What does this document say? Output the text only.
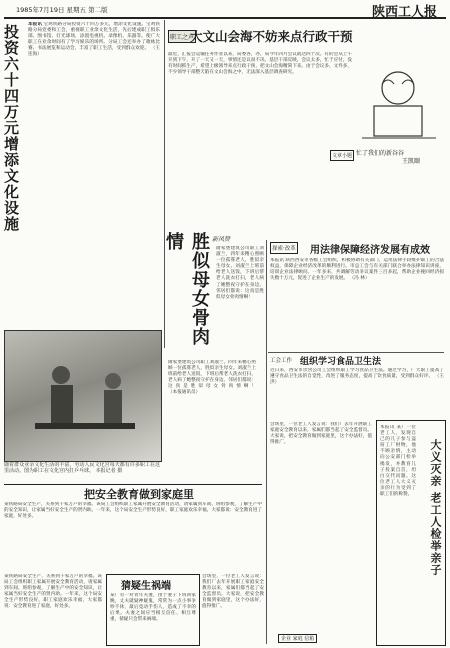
1985年7月19日 星期五 第二版	陕西工人报
投资六十四万元增添文化设施	本报讯 宝鸡铁路分局投资六十四万多元，增添文化设施。宝鸡铁路分局党委和工会，重视职工业余文化生活，先后建成职工俱乐部、图书馆、灯光球场，添置电视机、录像机、乐器等。使广大职工在业余时间有了学习娱乐的场所。分局工会还举办了歌咏比赛、书法展览和运动会，丰富了职工生活，受到群众欢迎。 （王连海）
职工之声
大文山会海不妨来点行政干预
最近，汇报会运输任务作业以来，局委各，办，局今年四月会议就达四十次。有的会从上午开到下午，开了一天又一天，事情还是议而不决。基层干部反映，会议太多，忙于应付，没有时间抓生产，希望上级领导来点行政干预，把文山会海精简下来。由于会议多、文件多，不少领导干部整天陷在文山会海之中，无法深入基层调查研究。
忙了我们的新谷谷
王凯颐
文章小题
新风赞
胜似母女骨肉情
隋家堡建筑公司职工刘淑兰，四年来精心照顾一位孤寡老人，胜似亲生母女。刘淑兰上班前给老人送饭，下班后帮老人洗衣打扫，老人病了她整夜守护在身边。邻居们都说：这真是胜似母女骨肉情啊！ （本报通讯员）
隋家堡建筑公司职工刘淑兰，四年来精心照顾一位孤寡老人，胜似亲生母女。刘淑兰上班前给老人送饭，下班后帮老人洗衣打扫，老人病了她整夜守护在身边。邻居们都说：这真是胜似母女骨肉情啊！
探索·改革 用法律保障经济发展有成效
本报讯 陕西西安市各级工会组织，积极协助有关部门，运用法律手段维护职工的合法权益，保障企业经济改革的顺利进行。市总工会与有关部门联合举办法律知识讲座，培训企业法律顾问。一年多来，共调解劳动争议案件三百多起，帮助企业挽回经济损失数十万元，促进了企业生产的发展。 （冯 林）
工会工作 组织学习食品卫生法
近日来，西安市饮食公司工会组织职工学习食品卫生法。通过学习，广大职工提高了遵守食品卫生法的自觉性，改进了服务态度，提高了饮食质量，受到群众好评。 （王洪）
随着群众业余文化生活的丰富，劳动人民文化宫每天都有许多职工在这里活动。图为职工在文化宫内打乒乓球。 本报记者 摄
把安全教育做到家庭里
某铁路局安全生产，关系到千家万户的幸福。该局工会组织职工家属开展安全教育活动，请家属到车间、班组参观，了解生产中的安全知识，让家属当好安全生产的贤内助。一年来，这个局安全生产形势良好，职工家庭欢乐幸福，大家都说：安全教育进了家庭，好处多。
猜疑生祸端
某厂有一对青年夫妻，由于妻子下班回家晚，丈夫就疑神疑鬼，常常为一点小事争吵不休，最后竟动手伤人，造成了不幸的后果。夫妻之间应当相互信任、相互尊重，猜疑只会带来祸端。
某铁路局安全生产，关系到千家万户的幸福。该局工会组织职工家属开展安全教育活动，请家属到车间、班组参观，了解生产中的安全知识，让家属当好安全生产的贤内助。一年来，这个局安全生产形势良好，职工家庭欢乐幸福，大家都说：安全教育进了家庭，好处多。
会场里，一位老工人发言说：我们厂去年开展职工家庭安全教育以来，家属们都当起了安全监督员。大家说，把安全教育做到家庭里，这个办法好，值得推广。
会场里，一位老工人发言说：我们厂去年开展职工家庭安全教育以来，家属们都当起了安全监督员。大家说，把安全教育做到家庭里，这个办法好，值得推广。	大义灭亲 老工人检举亲子
本报讯 某厂一位老工人，发现自己的儿子参与盗窃工厂财物，他不顾亲情，主动向公安部门检举揭发，并教育儿子投案自首，坦白交代问题。这位老工人大义灭亲的行为受到了职工们的称赞。
企业 家庭 信箱
